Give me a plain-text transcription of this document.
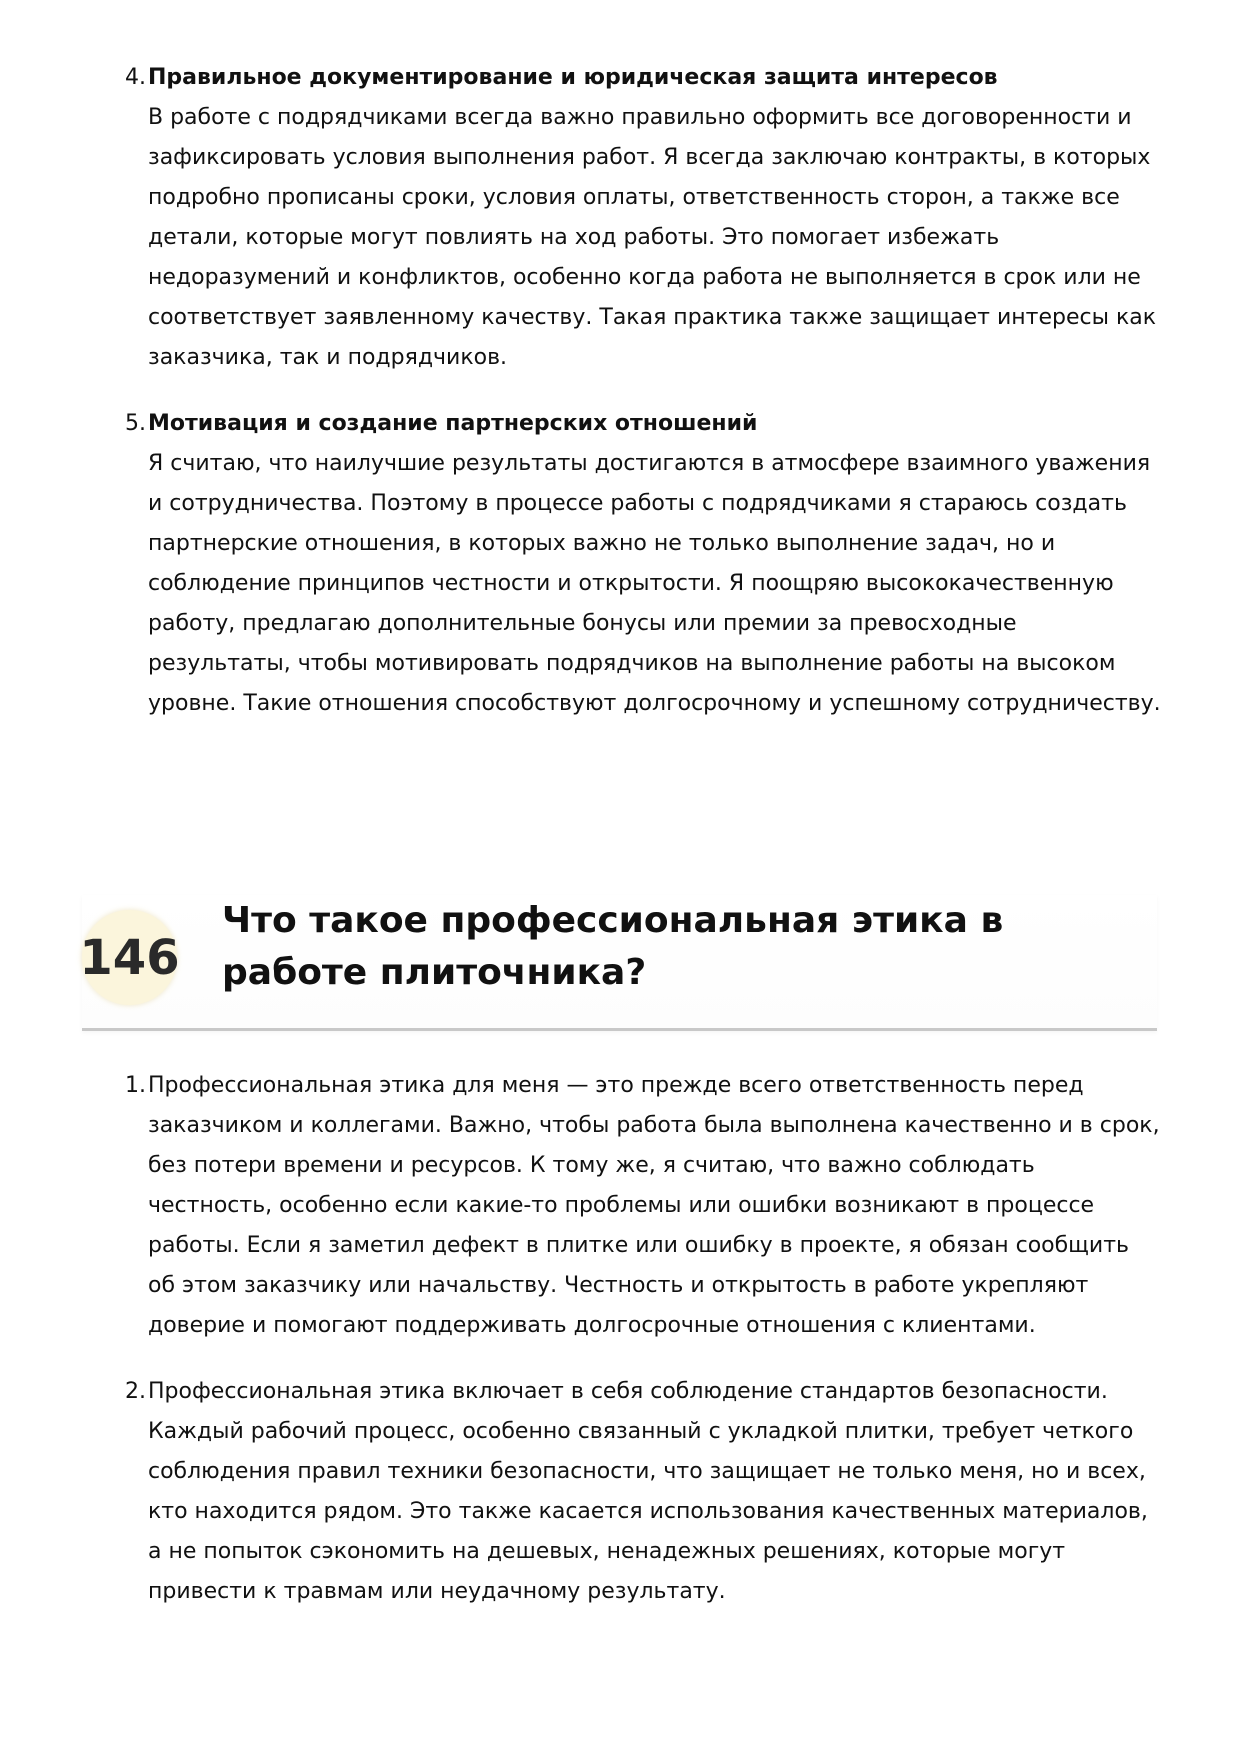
4. Правильное документирование и юридическая защита интересов
В работе с подрядчиками всегда важно правильно оформить все договоренности и зафиксировать условия выполнения работ. Я всегда заключаю контракты, в которых подробно прописаны сроки, условия оплаты, ответственность сторон, а также все детали, которые могут повлиять на ход работы. Это помогает избежать недоразумений и конфликтов, особенно когда работа не выполняется в срок или не соответствует заявленному качеству. Такая практика также защищает интересы как заказчика, так и подрядчиков.
5. Мотивация и создание партнерских отношений
Я считаю, что наилучшие результаты достигаются в атмосфере взаимного уважения и сотрудничества. Поэтому в процессе работы с подрядчиками я стараюсь создать партнерские отношения, в которых важно не только выполнение задач, но и соблюдение принципов честности и открытости. Я поощряю высококачественную работу, предлагаю дополнительные бонусы или премии за превосходные результаты, чтобы мотивировать подрядчиков на выполнение работы на высоком уровне. Такие отношения способствуют долгосрочному и успешному сотрудничеству.
146
Что такое профессиональная этика в работе плиточника?
1. Профессиональная этика для меня — это прежде всего ответственность перед заказчиком и коллегами. Важно, чтобы работа была выполнена качественно и в срок, без потери времени и ресурсов. К тому же, я считаю, что важно соблюдать честность, особенно если какие-то проблемы или ошибки возникают в процессе работы. Если я заметил дефект в плитке или ошибку в проекте, я обязан сообщить об этом заказчику или начальству. Честность и открытость в работе укрепляют доверие и помогают поддерживать долгосрочные отношения с клиентами.
2. Профессиональная этика включает в себя соблюдение стандартов безопасности. Каждый рабочий процесс, особенно связанный с укладкой плитки, требует четкого соблюдения правил техники безопасности, что защищает не только меня, но и всех, кто находится рядом. Это также касается использования качественных материалов, а не попыток сэкономить на дешевых, ненадежных решениях, которые могут привести к травмам или неудачному результату.
